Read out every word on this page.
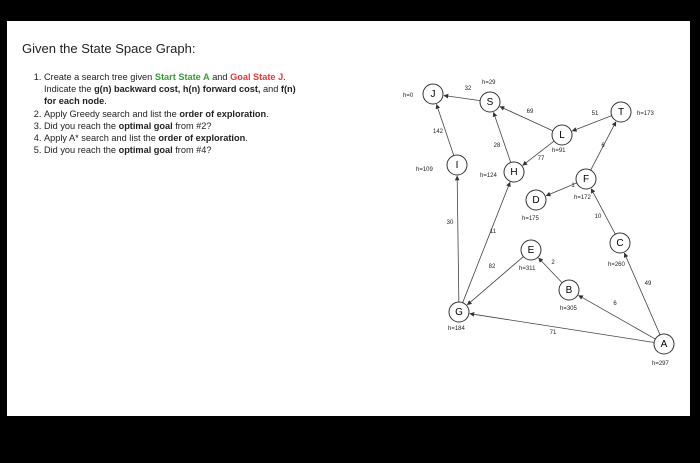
Given the State Space Graph:
1. Create a search tree given Start State A and Goal State J.
Indicate the g(n) backward cost, h(n) forward cost, and f(n)
for each node.
2. Apply Greedy search and list the order of exploration.
3. Did you reach the optimal goal from #2?
4. Apply A* search and list the order of exploration.
5. Did you reach the optimal goal from #4?
32
142
69
28
51
77
6
1
10
30
11
82
2
49
6
71
J
h=0
S
h=29
T h=173
L
h=91
I
h=109	H
h=124	F
h=172
D
h=175
C
h=260
E
h=311
B
h=305
G
h=184
A
h=297
